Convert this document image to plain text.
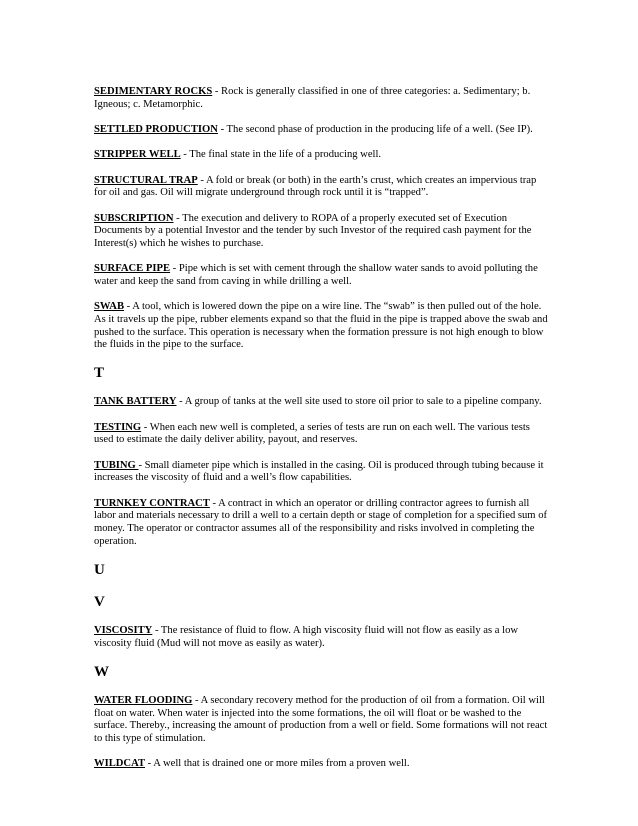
SEDIMENTARY ROCKS - Rock is generally classified in one of three categories: a. Sedimentary; b. Igneous; c. Metamorphic.

SETTLED PRODUCTION - The second phase of production in the producing life of a well. (See IP).

STRIPPER WELL - The final state in the life of a producing well.

STRUCTURAL TRAP - A fold or break (or both) in the earth’s crust, which creates an impervious trap for oil and gas. Oil will migrate underground through rock until it is “trapped”.

SUBSCRIPTION - The execution and delivery to ROPA of a properly executed set of Execution Documents by a potential Investor and the tender by such Investor of the required cash payment for the Interest(s) which he wishes to purchase.

SURFACE PIPE - Pipe which is set with cement through the shallow water sands to avoid polluting the water and keep the sand from caving in while drilling a well.

SWAB - A tool, which is lowered down the pipe on a wire line. The “swab” is then pulled out of the hole. As it travels up the pipe, rubber elements expand so that the fluid in the pipe is trapped above the swab and pushed to the surface. This operation is necessary when the formation pressure is not high enough to blow the fluids in the pipe to the surface.

T

TANK BATTERY - A group of tanks at the well site used to store oil prior to sale to a pipeline company.

TESTING - When each new well is completed, a series of tests are run on each well. The various tests used to estimate the daily deliver ability, payout, and reserves.

TUBING - Small diameter pipe which is installed in the casing. Oil is produced through tubing because it increases the viscosity of fluid and a well’s flow capabilities.

TURNKEY CONTRACT - A contract in which an operator or drilling contractor agrees to furnish all labor and materials necessary to drill a well to a certain depth or stage of completion for a specified sum of money. The operator or contractor assumes all of the responsibility and risks involved in completing the operation.

U
V

VISCOSITY - The resistance of fluid to flow. A high viscosity fluid will not flow as easily as a low viscosity fluid (Mud will not move as easily as water).

W

WATER FLOODING - A secondary recovery method for the production of oil from a formation. Oil will float on water. When water is injected into the some formations, the oil will float or be washed to the surface. Thereby., increasing the amount of production from a well or field. Some formations will not react to this type of stimulation.

WILDCAT - A well that is drained one or more miles from a proven well.
